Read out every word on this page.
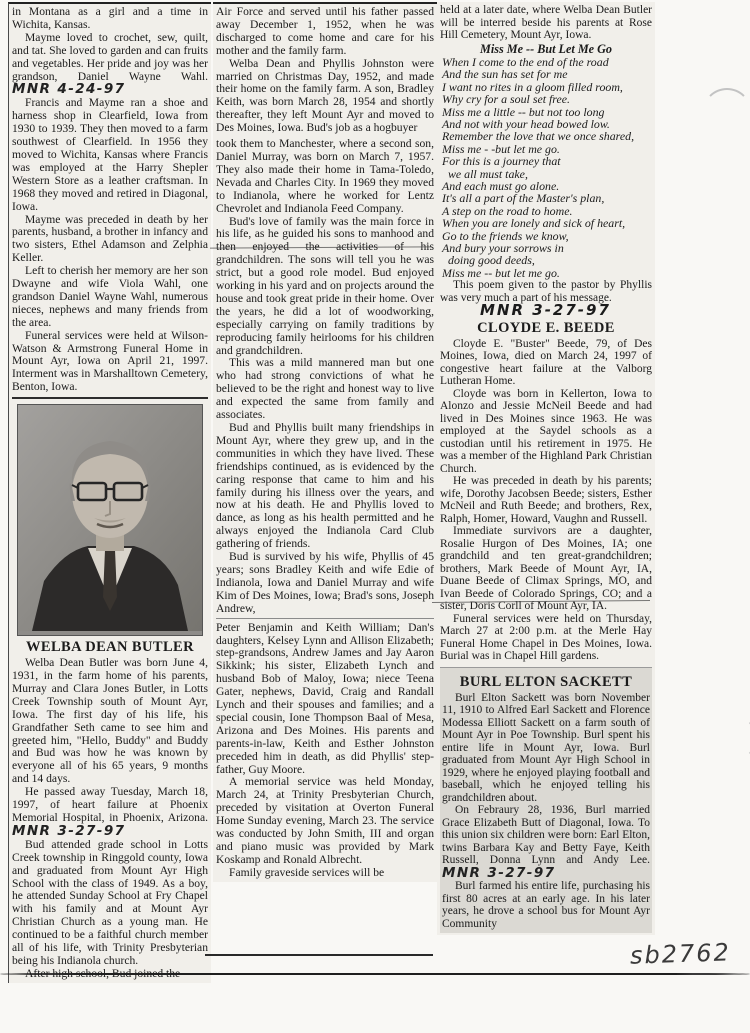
in Montana as a girl and a time in Wichita, Kansas.

Mayme loved to crochet, sew, quilt, and tat. She loved to garden and can fruits and vegetables. Her pride and joy was her grandson, Daniel Wayne Wahl. MNR 4-24-97

Francis and Mayme ran a shoe and harness shop in Clearfield, Iowa from 1930 to 1939. They then moved to a farm southwest of Clearfield. In 1956 they moved to Wichita, Kansas where Francis was employed at the Harry Shepler Western Store as a leather craftsman. In 1968 they moved and retired in Diagonal, Iowa.

Mayme was preceded in death by her parents, husband, a brother in infancy and two sisters, Ethel Adamson and Zelphia Keller.

Left to cherish her memory are her son Dwayne and wife Viola Wahl, one grandson Daniel Wayne Wahl, numerous nieces, nephews and many friends from the area.

Funeral services were held at Wilson-Watson & Armstrong Funeral Home in Mount Ayr, Iowa on April 21, 1997. Interment was in Marshalltown Cemetery, Benton, Iowa.

WELBA DEAN BUTLER

Welba Dean Butler was born June 4, 1931, in the farm home of his parents, Murray and Clara Jones Butler, in Lotts Creek Township south of Mount Ayr, Iowa. The first day of his life, his Grandfather Seth came to see him and greeted him, "Hello, Buddy" and Buddy and Bud was how he was known by everyone all of his 65 years, 9 months and 14 days.

He passed away Tuesday, March 18, 1997, of heart failure at Phoenix Memorial Hospital, in Phoenix, Arizona. MNR 3-27-97

Bud attended grade school in Lotts Creek township in Ringgold county, Iowa and graduated from Mount Ayr High School with the class of 1949. As a boy, he attended Sunday School at Fry Chapel with his family and at Mount Ayr Christian Church as a young man. He continued to be a faithful church member all of his life, with Trinity Presbyterian being his Indianola church.

After high school, Bud joined the

Air Force and served until his father passed away December 1, 1952, when he was discharged to come home and care for his mother and the family farm.

Welba Dean and Phyllis Johnston were married on Christmas Day, 1952, and made their home on the family farm. A son, Bradley Keith, was born March 28, 1954 and shortly thereafter, they left Mount Ayr and moved to Des Moines, Iowa. Bud's job as a hogbuyer

took them to Manchester, where a second son, Daniel Murray, was born on March 7, 1957. They also made their home in Tama-Toledo, Nevada and Charles City. In 1969 they moved to Indianola, where he worked for Lentz Chevrolet and Indianola Feed Company.

Bud's love of family was the main force in his life, as he guided his sons to manhood and then enjoyed the activities of his grandchildren. The sons will tell you he was strict, but a good role model. Bud enjoyed working in his yard and on projects around the house and took great pride in their home. Over the years, he did a lot of woodworking, especially carrying on family traditions by reproducing family heirlooms for his children and grandchildren.

This was a mild mannered man but one who had strong convictions of what he believed to be the right and honest way to live and expected the same from family and associates.

Bud and Phyllis built many friendships in Mount Ayr, where they grew up, and in the communities in which they have lived. These friendships continued, as is evidenced by the caring response that came to him and his family during his illness over the years, and now at his death. He and Phyllis loved to dance, as long as his health permitted and he always enjoyed the Indianola Card Club gathering of friends.

Bud is survived by his wife, Phyllis of 45 years; sons Bradley Keith and wife Edie of Indianola, Iowa and Daniel Murray and wife Kim of Des Moines, Iowa; Brad's sons, Joseph Andrew,

Peter Benjamin and Keith William; Dan's daughters, Kelsey Lynn and Allison Elizabeth; step-grandsons, Andrew James and Jay Aaron Sikkink; his sister, Elizabeth Lynch and husband Bob of Maloy, Iowa; niece Teena Gater, nephews, David, Craig and Randall Lynch and their spouses and families; and a special cousin, Ione Thompson Baal of Mesa, Arizona and Des Moines. His parents and parents-in-law, Keith and Esther Johnston preceded him in death, as did Phyllis' step-father, Guy Moore.

A memorial service was held Monday, March 24, at Trinity Presbyterian Church, preceded by visitation at Overton Funeral Home Sunday evening, March 23. The service was conducted by John Smith, III and organ and piano music was provided by Mark Koskamp and Ronald Albrecht.

Family graveside services will be

held at a later date, where Welba Dean Butler will be interred beside his parents at Rose Hill Cemetery, Mount Ayr, Iowa.

Miss Me -- But Let Me Go
When I come to the end of the road
And the sun has set for me
I want no rites in a gloom filled room,
Why cry for a soul set free.
Miss me a little -- but not too long
And not with your head bowed low.
Remember the love that we once shared,
Miss me - -but let me go.
For this is a journey that
we all must take,
And each must go alone.
It's all a part of the Master's plan,
A step on the road to home.
When you are lonely and sick of heart,
Go to the friends we know,
And bury your sorrows in
doing good deeds,
Miss me -- but let me go.

This poem given to the pastor by Phyllis was very much a part of his message.

MNR 3-27-97

CLOYDE E. BEEDE

Cloyde E. "Buster" Beede, 79, of Des Moines, Iowa, died on March 24, 1997 of congestive heart failure at the Valborg Lutheran Home.

Cloyde was born in Kellerton, Iowa to Alonzo and Jessie McNeil Beede and had lived in Des Moines since 1963. He was employed at the Saydel schools as a custodian until his retirement in 1975. He was a member of the Highland Park Christian Church.

He was preceded in death by his parents; wife, Dorothy Jacobsen Beede; sisters, Esther McNeil and Ruth Beede; and brothers, Rex, Ralph, Homer, Howard, Vaughn and Russell.

Immediate survivors are a daughter, Rosalie Hurgon of Des Moines, IA; one grandchild and ten great-grandchildren; brothers, Mark Beede of Mount Ayr, IA, Duane Beede of Climax Springs, MO, and Ivan Beede of Colorado Springs, CO; and a sister, Doris Corll of Mount Ayr, IA.

Funeral services were held on Thursday, March 27 at 2:00 p.m. at the Merle Hay Funeral Home Chapel in Des Moines, Iowa. Burial was in Chapel Hill gardens.

BURL ELTON SACKETT

Burl Elton Sackett was born November 11, 1910 to Alfred Earl Sackett and Florence Modessa Elliott Sackett on a farm south of Mount Ayr in Poe Township. Burl spent his entire life in Mount Ayr, Iowa. Burl graduated from Mount Ayr High School in 1929, where he enjoyed playing football and baseball, which he enjoyed telling his grandchildren about.

On Febraury 28, 1936, Burl married Grace Elizabeth Butt of Diagonal, Iowa. To this union six children were born: Earl Elton, twins Barbara Kay and Betty Faye, Keith Russell, Donna Lynn and Andy Lee. MNR 3-27-97

Burl farmed his entire life, purchasing his first 80 acres at an early age. In his later years, he drove a school bus for Mount Ayr Community

sb2762
